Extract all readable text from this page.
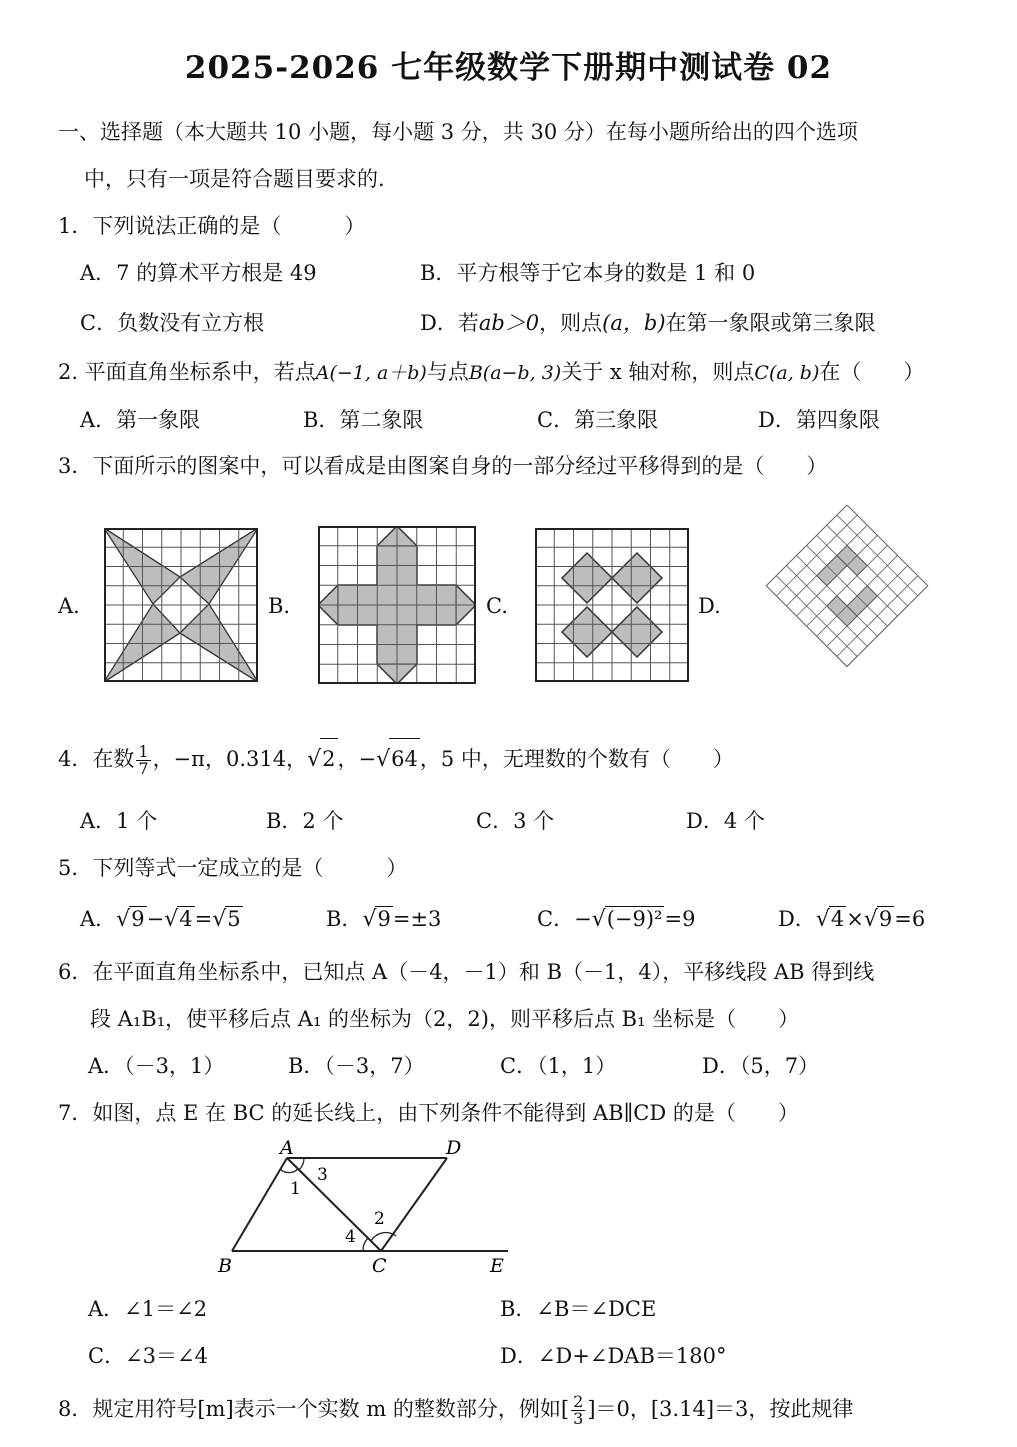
2025-2026 七年级数学下册期中测试卷 02
一、选择题（本大题共 10 小题，每小题 3 分，共 30 分）在每小题所给出的四个选项
中，只有一项是符合题目要求的.
1．下列说法正确的是（　　　）
A．7 的算术平方根是 49	B．平方根等于它本身的数是 1 和 0
C．负数没有立方根	D．若ab＞0，则点(a，b)在第一象限或第三象限
2. 平面直角坐标系中，若点A(−1, a＋b)与点B(a−b, 3)关于 x 轴对称，则点C(a, b)在（　　）
A．第一象限	B．第二象限	C．第三象限	D．第四象限
3．下面所示的图案中，可以看成是由图案自身的一部分经过平移得到的是（　　）
A.	B.	C.	D.
4．在数 $\frac{1}{7}$ ，−π，0.314，√2，−√64，5 中，无理数的个数有（　　）
A．1 个	B．2 个	C．3 个	D．4 个
5．下列等式一定成立的是（　　　）
A．√9−√4=√5	B．√9=±3	C．−√(−9)²=9	D．√4×√9=6
6．在平面直角坐标系中，已知点 A（－4，－1）和 B（－1，4），平移线段 AB 得到线
段 A₁B₁，使平移后点 A₁ 的坐标为（2，2)，则平移后点 B₁ 坐标是（　　）
A．（－3，1）	B．（－3，7）	C．（1，1）	D．（5，7）
7．如图，点 E 在 BC 的延长线上，由下列条件不能得到 AB∥CD 的是（　　）
A	D
B	C	E
1
2
3
4
A．∠1＝∠2	B．∠B＝∠DCE
C．∠3＝∠4	D．∠D+∠DAB＝180°
8．规定用符号[m]表示一个实数 m 的整数部分，例如[ $\frac{2}{3} ]=0$，[3.14]＝3，按此规律
